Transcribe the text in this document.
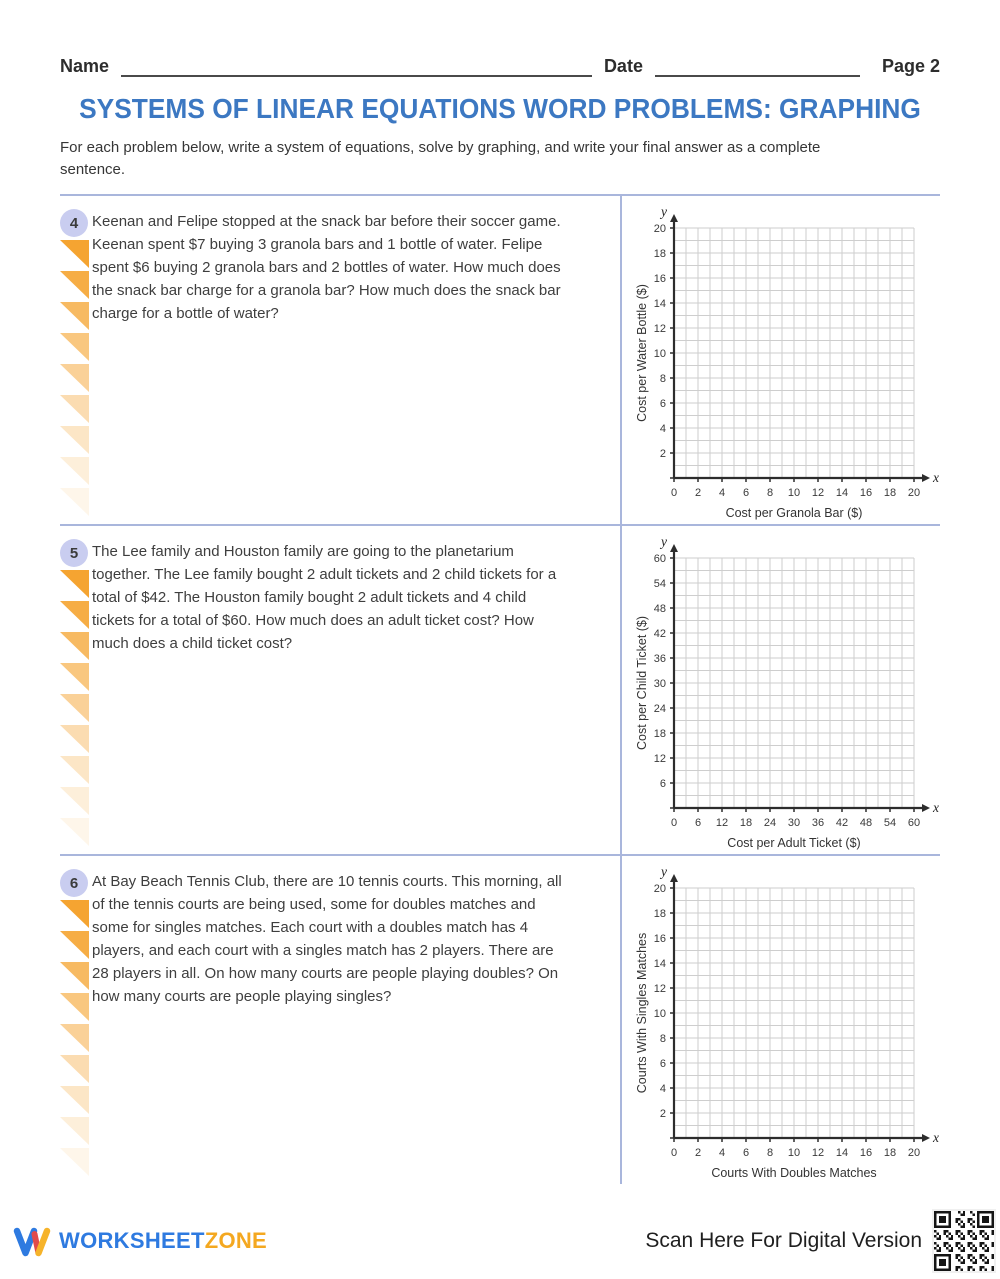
Name	Date	Page 2
SYSTEMS OF LINEAR EQUATIONS WORD PROBLEMS: GRAPHING
For each problem below, write a system of equations, solve by graphing, and write your final answer as a complete sentence.
4 Keenan and Felipe stopped at the snack bar before their soccer game. Keenan spent $7 buying 3 granola bars and 1 bottle of water. Felipe spent $6 buying 2 granola bars and 2 bottles of water. How much does the snack bar charge for a granola bar? How much does the snack bar charge for a bottle of water?

y
x
2
4
6
8
10
12
14
16
18
20
0 2 4 6 8 10 12 14 16 18 20
Cost per Water Bottle ($)
Cost per Granola Bar ($)
5 The Lee family and Houston family are going to the planetarium together. The Lee family bought 2 adult tickets and 2 child tickets for a total of $42. The Houston family bought 2 adult tickets and 4 child tickets for a total of $60. How much does an adult ticket cost? How much does a child ticket cost?

y
x
6
12
18
24
30
36
42
48
54
60
0 6 12 18 24 30 36 42 48 54 60
Cost per Child Ticket ($)
Cost per Adult Ticket ($)
6 At Bay Beach Tennis Club, there are 10 tennis courts. This morning, all of the tennis courts are being used, some for doubles matches and some for singles matches. Each court with a doubles match has 4 players, and each court with a singles match has 2 players. There are 28 players in all. On how many courts are people playing doubles? On how many courts are people playing singles?

y
x
2
4
6
8
10
12
14
16
18
20
0 2 4 6 8 10 12 14 16 18 20
Courts With Singles Matches
Courts With Doubles Matches
WORKSHEETZONE	Scan Here For Digital Version
